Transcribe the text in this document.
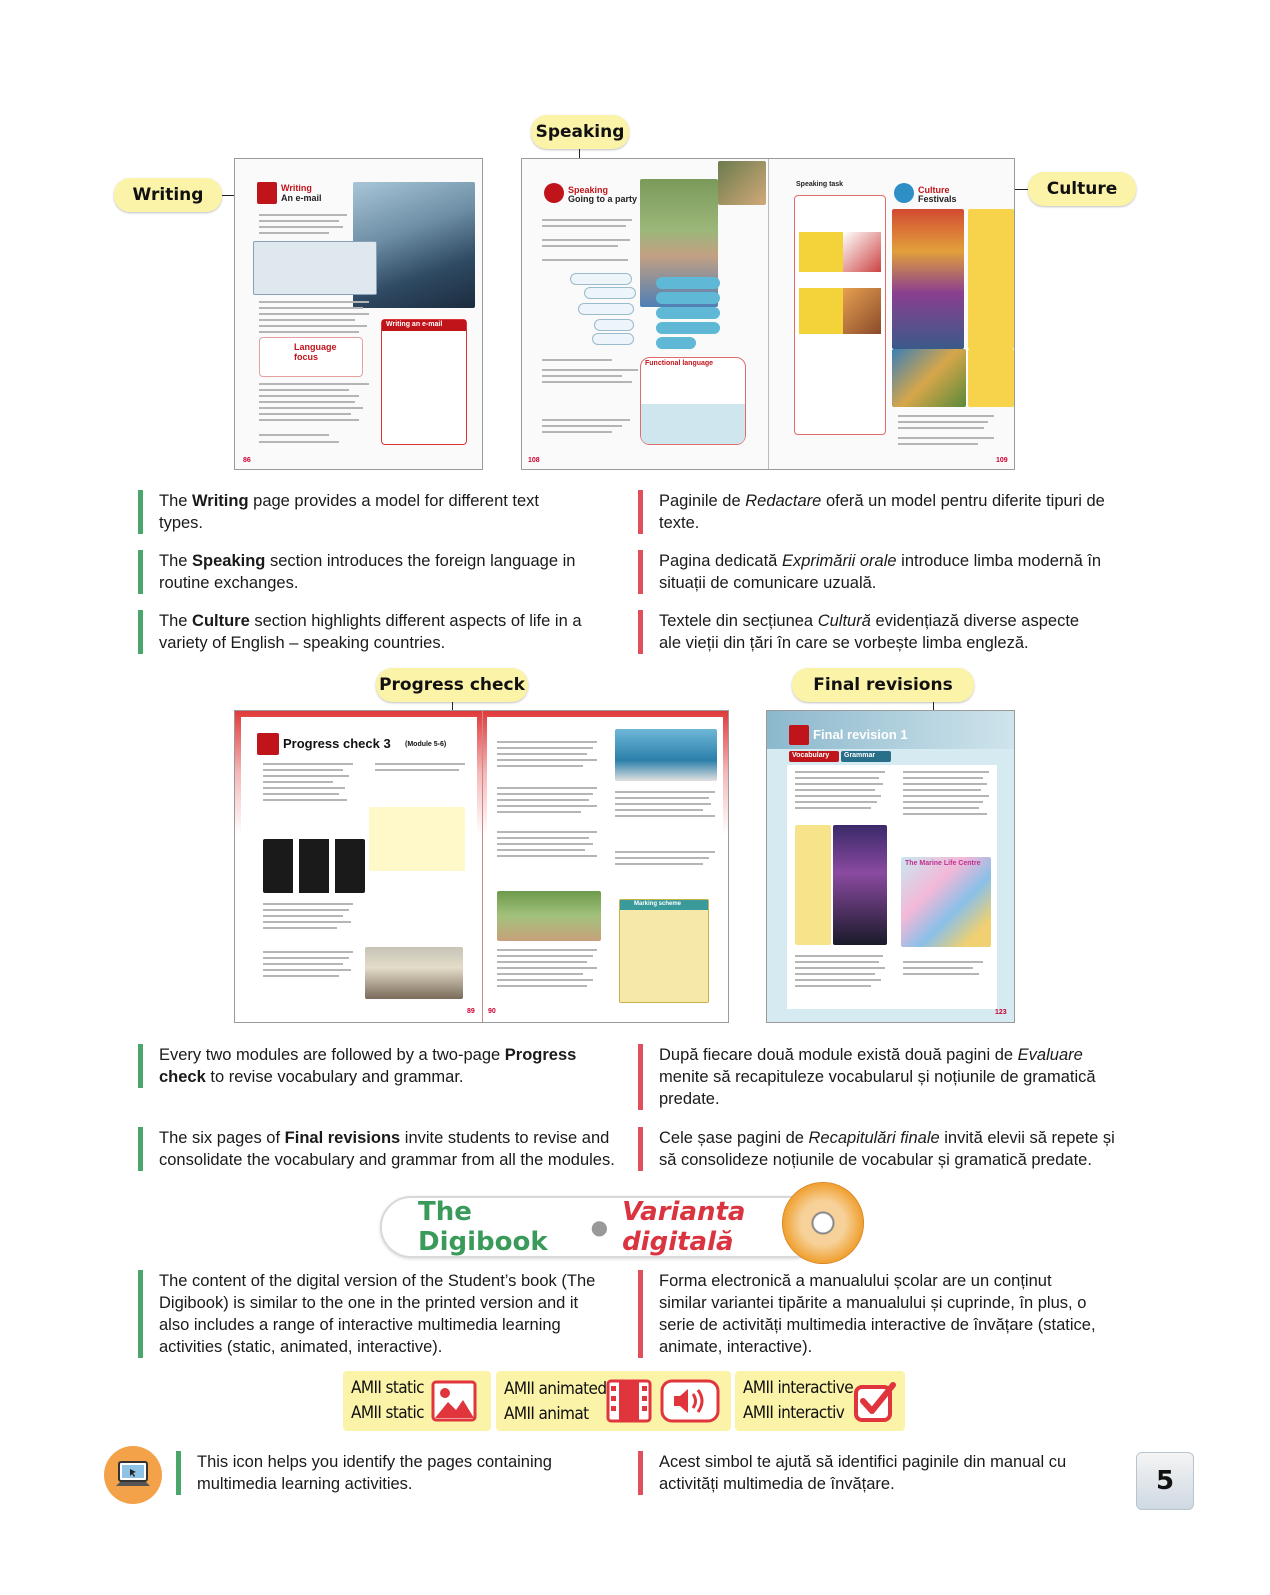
Speaking
Writing	Culture
Writing
An e-mail
Language focus
Writing an e-mail
86
Speaking
Going to a party
Functional language
108
Speaking task
Culture
Festivals
109
The Writing page provides a model for different text types.
Paginile de Redactare oferă un model pentru diferite tipuri de texte.
The Speaking section introduces the foreign language in routine exchanges.
Pagina dedicată Exprimării orale introduce limba modernă în situații de comunicare uzuală.
The Culture section highlights different aspects of life in a variety of English – speaking countries.
Textele din secțiunea Cultură evidențiază diverse aspecte ale vieții din țări în care se vorbește limba engleză.
Progress check	Final revisions
Progress check 3 (Module 5-6)
Marking scheme
89 90
Final revision 1
Vocabulary Grammar
The Marine Life Centre
123
Every two modules are followed by a two-page Progress check to revise vocabulary and grammar.
După fiecare două module există două pagini de Evaluare menite să recapituleze vocabularul și noțiunile de gramatică predate.
The six pages of Final revisions invite students to revise and consolidate the vocabulary and grammar from all the modules.
Cele șase pagini de Recapitulări finale invită elevii să repete și să consolideze noțiunile de vocabular și gramatică predate.
The Digibook	● Varianta digitală
The content of the digital version of the Student’s book (The Digibook) is similar to the one in the printed version and it also includes a range of interactive multimedia learning activities (static, animated, interactive).
Forma electronică a manualului școlar are un conținut similar variantei tipărite a manualului și cuprinde, în plus, o serie de activități multimedia interactive de învățare (statice, animate, interactive).
AMII static
AMII static
AMII animated
AMII animat
AMII interactive
AMII interactiv
This icon helps you identify the pages containing multimedia learning activities.
Acest simbol te ajută să identifici paginile din manual cu activități multimedia de învățare.	5
